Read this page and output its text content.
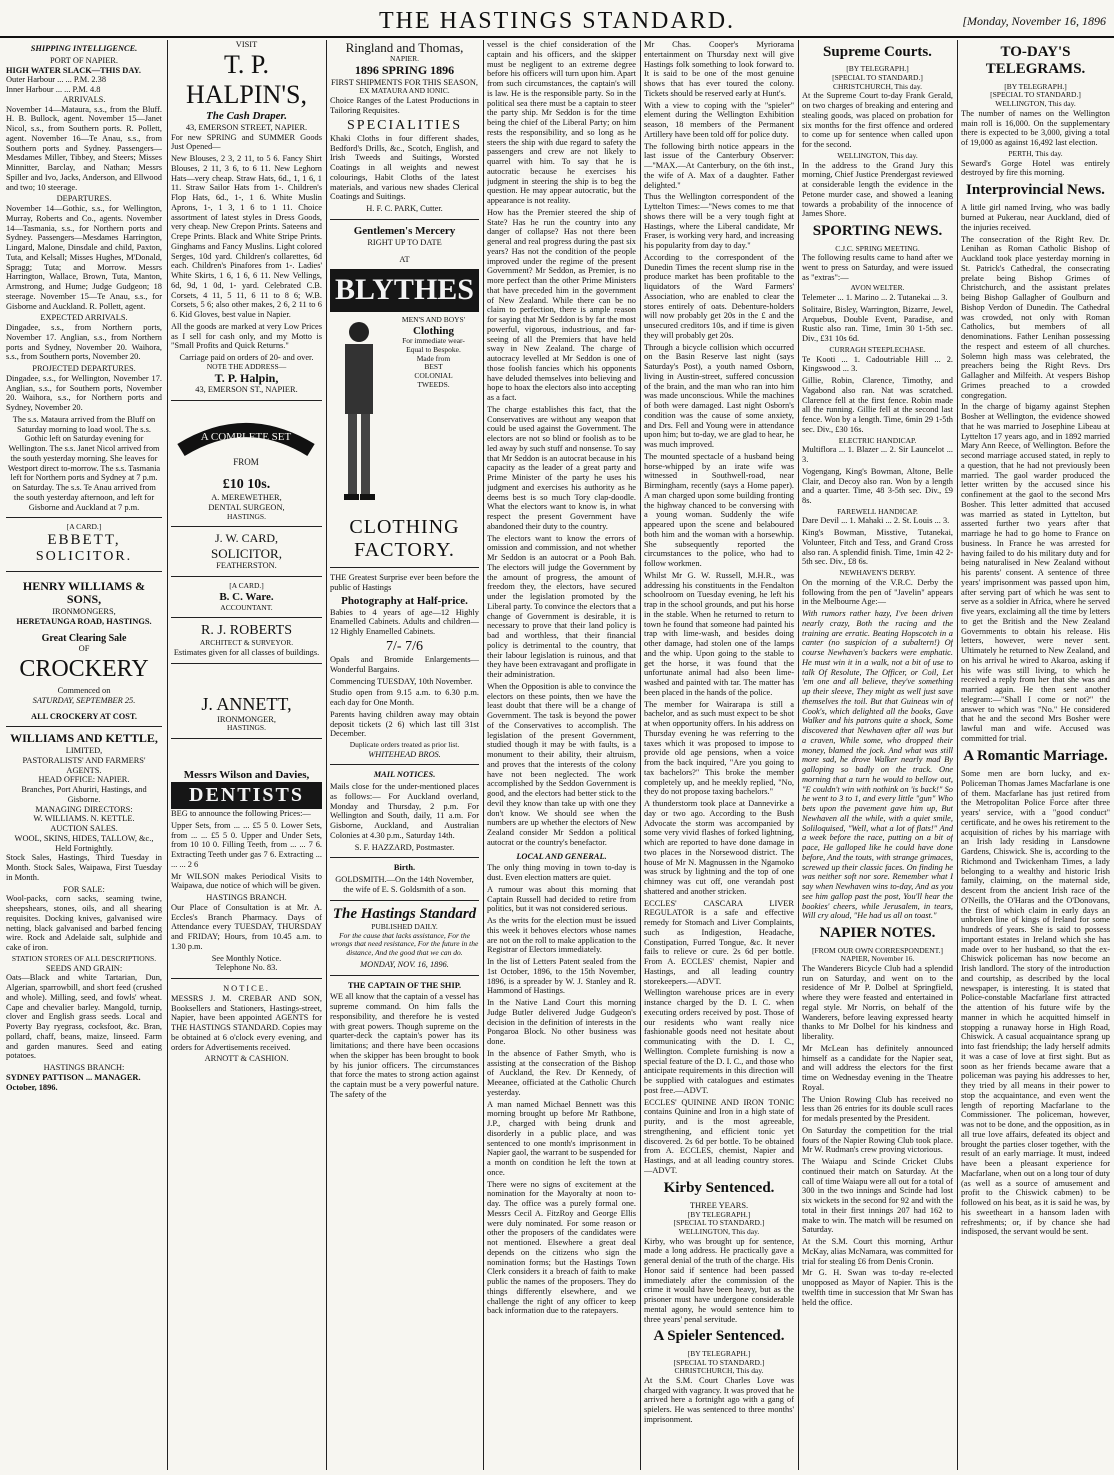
THE HASTINGS STANDARD.	[Monday, November 16, 1896
SHIPPING INTELLIGENCE.
PORT OF NAPIER.
HIGH WATER SLACK—THIS DAY.
Outer Harbour ... ... P.M. 2.38
Inner Harbour ... ... P.M. 4.8
ARRIVALS.

November 14—Mataura, s.s., from the Bluff. H. B. Bullock, agent. November 15—Janet Nicol, s.s., from Southern ports. R. Pollett, agent. November 16—Te Anau, s.s., from Southern ports and Sydney. Passengers—Mesdames Miller, Tibbey, and Steers; Misses Minnitter, Barclay, and Nathan; Messrs Spiller and Ivo, Jacks, Anderson, and Ellwood and two; 10 steerage.

DEPARTURES.

November 14—Gothic, s.s., for Wellington, Murray, Roberts and Co., agents. November 14—Tasmania, s.s., for Northern ports and Sydney. Passengers—Mesdames Harrington, Lingard, Malone, Dinsdale and child, Paxton, Tuta, and Kelsall; Misses Hughes, M'Donald, Spragg; Tuta; and Morrow. Messrs Harrington, Wallace, Brown, Tuta, Manton, Armstrong, and Hume; Judge Gudgeon; 18 steerage. November 15—Te Anau, s.s., for Gisborne and Auckland. R. Pollett, agent.

EXPECTED ARRIVALS.

Dingadee, s.s., from Northern ports, November 17. Anglian, s.s., from Northern ports and Sydney, November 20. Waihora, s.s., from Southern ports, November 20.

PROJECTED DEPARTURES.

Dingadee, s.s., for Wellington, November 17. Anglian, s.s., for Southern ports, November 20. Waihora, s.s., for Northern ports and Sydney, November 20.

The s.s. Mataura arrived from the Bluff on Saturday morning to load wool. The s.s. Gothic left on Saturday evening for Wellington. The s.s. Janet Nicol arrived from the south yesterday morning. She leaves for Westport direct to-morrow. The s.s. Tasmania left for Northern ports and Sydney at 7 p.m. on Saturday. The s.s. Te Anau arrived from the south yesterday afternoon, and left for Gisborne and Auckland at 7 p.m.

[A CARD.]
EBBETT,
SOLICITOR.
HENRY WILLIAMS & SONS,
IRONMONGERS,
HERETAUNGA ROAD, HASTINGS.
Great Clearing Sale
OF
CROCKERY
Commenced on
SATURDAY, SEPTEMBER 25.
ALL CROCKERY AT COST.
WILLIAMS AND KETTLE,
LIMITED,
PASTORALISTS' AND FARMERS' AGENTS.
HEAD OFFICE: NAPIER.
Branches, Port Ahuriri, Hastings, and Gisborne.
MANAGING DIRECTORS:
W. WILLIAMS. N. KETTLE.
AUCTION SALES.
WOOL, SKINS, HIDES, TALLOW, &c., Held Fortnightly.

Stock Sales, Hastings, Third Tuesday in Month. Stock Sales, Waipawa, First Tuesday in Month.

FOR SALE:

Wool-packs, corn sacks, seaming twine, sheepshears, stones, oils, and all shearing requisites. Docking knives, galvanised wire netting, black galvanised and barbed fencing wire. Rock and Adelaide salt, sulphide and cake of iron.

STATION STORES OF ALL DESCRIPTIONS.
SEEDS AND GRAIN:

Oats—Black and white Tartarian, Dun, Algerian, sparrowbill, and short feed (crushed and whole). Milling, seed, and fowls' wheat. Cape and chevalier barley. Mangold, turnip, clover and English grass seeds. Local and Poverty Bay ryegrass, cocksfoot, &c. Bran, pollard, chaff, beans, maize, linseed. Farm and garden manures. Seed and eating potatoes.

HASTINGS BRANCH:
SYDNEY PATTISON ... MANAGER.
October, 1896.
VISIT
T. P. HALPIN'S,
The Cash Draper.
43, EMERSON STREET, NAPIER.

For new SPRING and SUMMER Goods Just Opened—

New Blouses, 2 3, 2 11, to 5 6. Fancy Shirt Blouses, 2 11, 3 6, to 6 11. New Leghorn Hats—very cheap. Straw Hats, 6d., 1, 1 6, 1 11. Straw Sailor Hats from 1-. Children's Flop Hats, 6d., 1-, 1 6. White Muslin Aprons, 1-, 1 3, 1 6 to 1 11. Choice assortment of latest styles in Dress Goods, very cheap. New Crepon Prints. Sateens and Crepe Prints. Black and White Stripe Prints. Ginghams and Fancy Muslins. Light colored Serges, 10d yard. Children's collarettes, 6d each. Children's Pinafores from 1-. Ladies' White Skirts, 1 6, 1 6, 6 11. New Vellings, 6d, 9d, 1 0d, 1- yard. Celebrated C.B. Corsets, 4 11, 5 11, 6 11 to 8 6; W.B. Corsets, 5 6; also other makes, 2 6, 2 11 to 6 6. Kid Gloves, best value in Napier.

All the goods are marked at very Low Prices as I sell for cash only, and my Motto is "Small Profits and Quick Returns."

Carriage paid on orders of 20- and over.
NOTE THE ADDRESS—
T. P. Halpin,
43, EMERSON ST., NAPIER.
A COMPLETE SET
FROM
£10 10s.
A. MEREWETHER,
DENTAL SURGEON,
HASTINGS.
J. W. CARD,
SOLICITOR,
FEATHERSTON.
[A CARD.]
B. C. Ware.
ACCOUNTANT.
R. J. ROBERTS
ARCHITECT & SURVEYOR.
Estimates given for all classes of buildings.
J. ANNETT,
IRONMONGER,
HASTINGS.
Messrs Wilson and Davies,
DENTISTS

BEG to announce the following Prices:—

Upper Sets, from ... ... £5 5 0. Lower Sets, from ... ... £5 5 0. Upper and Under Sets, from 10 10 0. Filling Teeth, from ... ... 7 6. Extracting Teeth under gas 7 6. Extracting ... ... ... 2 6

Mr WILSON makes Periodical Visits to Waipawa, due notice of which will be given.

HASTINGS BRANCH.

Our Place of Consultation is at Mr. A. Eccles's Branch Pharmacy. Days of Attendance every TUESDAY, THURSDAY and FRIDAY; Hours, from 10.45 a.m. to 1.30 p.m.

See Monthly Notice.
Telephone No. 83.
NOTICE.

MESSRS J. M. CREBAR AND SON, Booksellers and Stationers, Hastings-street, Napier, have been appointed AGENTS for THE HASTINGS STANDARD. Copies may be obtained at 6 o'clock every evening, and orders for Advertisements received.

ARNOTT & CASHION.
Ringland and Thomas,
NAPIER.
1896 SPRING 1896
FIRST SHIPMENTS FOR THIS SEASON,
EX MATAURA AND IONIC.

Choice Ranges of the Latest Productions in Tailoring Requisites.

SPECIALITIES

Khaki Cloths in four different shades, Bedford's Drills, &c., Scotch, English, and Irish Tweeds and Suitings, Worsted Coatings in all weights and newest colourings, Habit Cloths of the latest materials, and various new shades Clerical Coatings and Suitings.

H. F. C. PARK, Cutter.
Gentlemen's Mercery
RIGHT UP TO DATE
AT
BLYTHES
MEN'S AND BOYS'
Clothing
For immediate wear-
Equal to Bespoke.
Made from
BEST
COLONIAL
TWEEDS.
CLOTHING
FACTORY.

THE Greatest Surprise ever been before the public of Hastings

Photography at Half-price.

Babies to 4 years of age—12 Highly Enamelled Cabinets. Adults and children—12 Highly Enamelled Cabinets.

7/- 7/6

Opals and Bromide Enlargements—Wonderful Bargains.

Commencing TUESDAY, 10th November.

Studio open from 9.15 a.m. to 6.30 p.m. each day for One Month.

Parents having children away may obtain deposit tickets (2 6) which last till 31st December.

Duplicate orders treated as prior list.
WHITEHEAD BROS.
MAIL NOTICES.

Mails close for the under-mentioned places as follows:— For Auckland overland, Monday and Thursday, 2 p.m. For Wellington and South, daily, 11 a.m. For Gisborne, Auckland, and Australian Colonies at 4.30 p.m., Saturday 14th.

S. F. HAZZARD, Postmaster.
Birth.

GOLDSMITH.—On the 14th November, the wife of E. S. Goldsmith of a son.

The Hastings Standard
PUBLISHED DAILY.

For the cause that lacks assistance, For the wrongs that need resistance, For the future in the distance, And the good that we can do.

MONDAY, NOV. 16, 1896.
THE CAPTAIN OF THE SHIP.

WE all know that the captain of a vessel has supreme command. On him falls the responsibility, and therefore he is vested with great powers. Though supreme on the quarter-deck the captain's power has its limitations; and there have been occasions when the skipper has been brought to book by his junior officers. The circumstances that force the mates to strong action against the captain must be a very powerful nature. The safety of the

vessel is the chief consideration of the captain and his officers, and the skipper must be negligent to an extreme degree before his officers will turn upon him. Apart from such circumstances, the captain's will is law. He is the responsible party. So in the political sea there must be a captain to steer the party ship. Mr Seddon is for the time being the chief of the Liberal Party; on him rests the responsibility, and so long as he steers the ship with due regard to safety the passengers and crew are not likely to quarrel with him. To say that he is autocratic because he exercises his judgment in steering the ship is to beg the question. He may appear autocratic, but the appearance is not reality.

How has the Premier steered the ship of State? Has he run the country into any danger of collapse? Has not there been general and real progress during the past six years? Has not the condition of the people improved under the regime of the present Government? Mr Seddon, as Premier, is no more perfect than the other Prime Ministers that have preceded him in the government of New Zealand. While there can be no claim to perfection, there is ample reason for saying that Mr Seddon is by far the most powerful, vigorous, industrious, and far-seeing of all the Premiers that have held sway in New Zealand. The charge of autocracy levelled at Mr Seddon is one of those foolish fancies which his opponents have deluded themselves into believing and hope to hoax the electors also into accepting as a fact.

The charge establishes this fact, that the Conservatives are without any weapon that could be used against the Government. The electors are not so blind or foolish as to be led away by such stuff and nonsense. To say that Mr Seddon is an autocrat because in his capacity as the leader of a great party and Prime Minister of the party he uses his judgment and exercises his authority as he deems best is so much Tory clap-doodle. What the electors want to know is, in what respect the present Government have abandoned their duty to the country.

The electors want to know the errors of omission and commission, and not whether Mr Seddon is an autocrat or a Pooh Bah. The electors will judge the Government by the amount of progress, the amount of freedom they, the electors, have secured under the legislation promoted by the Liberal party. To convince the electors that a change of Government is desirable, it is necessary to prove that their land policy is bad and worthless, that their financial policy is detrimental to the country, that their labour legislation is ruinous, and that they have been extravagant and profligate in their administration.

When the Opposition is able to convince the electors on these points, then we have the least doubt that there will be a change of Government. The task is beyond the power of the Conservatives to accomplish. The legislation of the present Government, studied though it may be with faults, is a monument to their ability, their altruism, and proves that the interests of the colony have not been neglected. The work accomplished by the Seddon Government is good, and the electors had better stick to the devil they know than take up with one they don't know. We should see when the numbers are up whether the electors of New Zealand consider Mr Seddon a political autocrat or the country's benefactor.

LOCAL AND GENERAL.

The only thing moving in town to-day is dust. Even election matters are quiet.

A rumour was about this morning that Captain Russell had decided to retire from politics, but it was not considered serious.

As the writs for the election must be issued this week it behoves electors whose names are not on the roll to make application to the Registrar of Electors immediately.

In the list of Letters Patent sealed from the 1st October, 1896, to the 15th November, 1896, is a spreader by W. J. Stanley and R. Hammond of Hastings.

In the Native Land Court this morning Judge Butler delivered Judge Gudgeon's decision in the definition of interests in the Pongaroa Block. No other business was done.

In the absence of Father Smyth, who is assisting at the consecration of the Bishop of Auckland, the Rev. Dr Kennedy, of Meeanee, officiated at the Catholic Church yesterday.

A man named Michael Bennett was this morning brought up before Mr Rathbone, J.P., charged with being drunk and disorderly in a public place, and was sentenced to one month's imprisonment in Napier gaol, the warrant to be suspended for a month on condition he left the town at once.

There were no signs of excitement at the nomination for the Mayoralty at noon to-day. The office was a purely formal one. Messrs Cecil A. FitzRoy and George Ellis were duly nominated. For some reason or other the proposers of the candidates were not mentioned. Elsewhere a great deal depends on the citizens who sign the nomination forms; but the Hastings Town Clerk considers it a breach of faith to make public the names of the proposers. They do things differently elsewhere, and we challenge the right of any officer to keep back information due to the ratepayers.

Mr Chas. Cooper's Myriorama entertainment on Thursday next will give Hastings folk something to look forward to. It is said to be one of the most genuine shows that has ever toured the colony. Tickets should be reserved early at Hunt's.

With a view to coping with the "spieler" element during the Wellington Exhibition season, 18 members of the Permanent Artillery have been told off for police duty.

The following birth notice appears in the last issue of the Canterbury Observer:—"MAX.—At Canterbury, on the 6th inst., the wife of A. Max of a daughter. Father delighted."

Thus the Wellington correspondent of the Lyttelton Times:—"News comes to me that shows there will be a very tough fight at Hastings, where the Liberal candidate, Mr Fraser, is working very hard, and increasing his popularity from day to day."

According to the correspondent of the Dunedin Times the recent slump rise in the produce market has been profitable to the liquidators of the Ward Farmers' Association, who are enabled to clear the stores entirely of oats. Debenture-holders will now probably get 20s in the £ and the unsecured creditors 10s, and if time is given they will probably get 20s.

Through a bicycle collision which occurred on the Basin Reserve last night (says Saturday's Post), a youth named Osborn, living in Austin-street, suffered concussion of the brain, and the man who ran into him was made unconscious. While the machines of both were damaged. Last night Osborn's condition was the cause of some anxiety, and Drs. Fell and Young were in attendance upon him; but to-day, we are glad to hear, he was much improved.

The mounted spectacle of a husband being horse-whipped by an irate wife was witnessed in Southwell-road, near Birmingham, recently (says a Home paper). A man charged upon some building fronting the highway chanced to be conversing with a young woman. Suddenly the wife appeared upon the scene and belaboured both him and the woman with a horsewhip. She subsequently reported the circumstances to the police, who had to follow workmen.

Whilst Mr G. W. Russell, M.H.R., was addressing his constituents in the Fendalton schoolroom on Tuesday evening, he left his trap in the school grounds, and put his horse in the stable. When he returned to return to town he found that someone had painted his trap with lime-wash, and besides doing other damage, had stolen one of the lamps and the whip. Upon going to the stable to get the horse, it was found that the unfortunate animal had also been lime-washed and painted with tar. The matter has been placed in the hands of the police.

The member for Wairarapa is still a bachelor, and as such must expect to be shot at when opportunity offers. In his address on Thursday evening he was referring to the taxes which it was proposed to impose to provide old age pensions, when a voice from the back inquired, "Are you going to tax bachelors?" This broke the member completely up, and he meekly replied, "No, they do not propose taxing bachelors."

A thunderstorm took place at Dannevirke a day or two ago. According to the Bush Advocate the storm was accompanied by some very vivid flashes of forked lightning, which are reported to have done damage in two places in the Norsewood district. The house of Mr N. Magnussen in the Ngamoko was struck by lightning and the top of one chimney was cut off, one verandah post shattered and another stricken.

ECCLES' CASCARA LIVER REGULATOR is a safe and effective remedy for Stomach and Liver Complaints, such as Indigestion, Headache, Constipation, Furred Tongue, &c. It never fails to relieve or cure. 2s 6d per bottle. From A. ECCLES' chemist, Napier and Hastings, and all leading country storekeepers.—ADVT.

Wellington warehouse prices are in every instance charged by the D. I. C. when executing orders received by post. Those of our residents who want really nice fashionable goods need not hesitate about communicating with the D. I. C., Wellington. Complete furnishing is now a special feature of the D. I. C., and those who anticipate requirements in this direction will be supplied with catalogues and estimates post free.—ADVT.

ECCLES' QUININE AND IRON TONIC contains Quinine and Iron in a high state of purity, and is the most agreeable, strengthening, and efficient tonic yet discovered. 2s 6d per bottle. To be obtained from A. ECCLES, chemist, Napier and Hastings, and at all leading country stores.—ADVT.

Kirby Sentenced.
THREE YEARS.
[BY TELEGRAPH.]
[SPECIAL TO STANDARD.]
WELLINGTON, This day.

Kirby, who was brought up for sentence, made a long address. He practically gave a general denial of the truth of the charge. His Honor said if sentence had been passed immediately after the commission of the crime it would have been heavy, but as the prisoner must have undergone considerable mental agony, he would sentence him to three years' penal servitude.

A Spieler Sentenced.
[BY TELEGRAPH.]
[SPECIAL TO STANDARD.]
CHRISTCHURCH, This day.

At the S.M. Court Charles Love was charged with vagrancy. It was proved that he arrived here a fortnight ago with a gang of spielers. He was sentenced to three months' imprisonment.

Supreme Courts.
[BY TELEGRAPH.]
[SPECIAL TO STANDARD.]
CHRISTCHURCH, This day.

At the Supreme Court to-day Frank Gerald, on two charges of breaking and entering and stealing goods, was placed on probation for six months for the first offence and ordered to come up for sentence when called upon for the second.

WELLINGTON, This day.

In the address to the Grand Jury this morning, Chief Justice Prendergast reviewed at considerable length the evidence in the Petone murder case, and showed a leaning towards a probability of the innocence of James Shore.

SPORTING NEWS.
C.J.C. SPRING MEETING.

The following results came to hand after we went to press on Saturday, and were issued as "extras":—

AVON WELTER.

Telemeter ... 1. Marino ... 2. Tutanekai ... 3.

Solitaire, Bisley, Warrington, Bizarre, Jewel, Arquebus, Double Event, Paradise, and Rustic also ran. Time, 1min 30 1-5th sec. Div., £31 10s 6d.

CURRAGH STEEPLECHASE.

Te Kooti ... 1. Cadoutriable Hill ... 2. Kingswood ... 3.

Gillie, Robin, Clarence, Timothy, and Vagabond also ran. Nat was scratched. Clarence fell at the first fence. Robin made all the running. Gillie fell at the second last fence. Won by a length. Time, 6min 29 1-5th sec. Div., £30 16s.

ELECTRIC HANDICAP.

Multiflora ... 1. Blazer ... 2. Sir Launcelot ... 3.

Vogengang, King's Bowman, Altone, Belle Clair, and Decoy also ran. Won by a length and a quarter. Time, 48 3-5th sec. Div., £9 8s.

FAREWELL HANDICAP.

Dare Devil ... 1. Mahaki ... 2. St. Louis ... 3.

King's Bowman, Misstive, Tutanekai, Volunteer, Fitch and Tess, and Grand Cross also ran. A splendid finish. Time, 1min 42 2-5th sec. Div., £8 6s.

NEWHAVEN'S DERBY.

On the morning of the V.R.C. Derby the following from the pen of "Javelin" appears in the Melbourne Age:—

With rumors rather hazy, I've been driven nearly crazy, Both the racing and the training are erratic. Beating Hopscotch in a canter (no suspicion of a subaltern!) Of course Newhaven's backers were emphatic. He must win it in a walk, not a bit of use to talk Of Resolute, The Officer, or Coil, Let 'em one and all believe, they've something up their sleeve, They might as well just save themselves the toil. But that Guineas win of Cook's, which delighted all the books, Gave Walker and his patrons quite a shock, Some discovered that Newhaven after all was but a craven, While some, who dropped their money, blamed the jock. And what was still more sad, he drove Walker nearly mad By galloping so badly on the track. One morning that a turn he would to bellow out, "E couldn't win with nothink on 'is back!" So he went to 3 to 1, and every little "gun" Who bets upon the pavement gave him up, But Newhaven all the while, with a quiet smile, Soliloquised, "Well, what a lot of flats!" And a week before the race, putting on a bit of pace, He galloped like he could have done before, And the touts, with strange grimaces, screwed up their classic faces. On finding he was neither soft nor sore. Remember what I say when Newhaven wins to-day, And as you see him gallop past the post, You'll hear the bookies' cheers, while Jerusalem, in tears, Will cry aloud, "He had us all on toast."

NAPIER NOTES.
[FROM OUR OWN CORRESPONDENT.]
NAPIER, November 16.

The Wanderers Bicycle Club had a splendid run on Saturday, and went on to the residence of Mr P. Dolbel at Springfield, where they were feasted and entertained in regal style. Mr Norris, on behalf of the Wanderers, before leaving expressed hearty thanks to Mr Dolbel for his kindness and liberality.

Mr McLean has definitely announced himself as a candidate for the Napier seat, and will address the electors for the first time on Wednesday evening in the Theatre Royal.

The Union Rowing Club has received no less than 26 entries for its double scull races for medals presented by the President.

On Saturday the competition for the trial fours of the Napier Rowing Club took place. Mr W. Rudman's crew proving victorious.

The Waiapu and Scinde Cricket Clubs continued their match on Saturday. At the call of time Waiapu were all out for a total of 300 in the two innings and Scinde had lost six wickets in the second for 92 and with the total in their first innings 207 had 162 to make to win. The match will be resumed on Saturday.

At the S.M. Court this morning, Arthur McKay, alias McNamara, was committed for trial for stealing £6 from Denis Cronin.

Mr G. H. Swan was to-day re-elected unopposed as Mayor of Napier. This is the twelfth time in succession that Mr Swan has held the office.

TO-DAY'S TELEGRAMS.
[BY TELEGRAPH.]
[SPECIAL TO STANDARD.]
WELLINGTON, This day.

The number of names on the Wellington main roll is 16,000. On the supplementary there is expected to be 3,000, giving a total of 19,000 as against 16,492 last election.

PERTH, This day.

Seward's Gorge Hotel was entirely destroyed by fire this morning.

Interprovincial News.

A little girl named Irving, who was badly burned at Pukerau, near Auckland, died of the injuries received.

The consecration of the Right Rev. Dr. Lenihan as Roman Catholic Bishop of Auckland took place yesterday morning in St. Patrick's Cathedral, the consecrating prelate being Bishop Grimes of Christchurch, and the assistant prelates being Bishop Gallagher of Goulburn and Bishop Verdon of Dunedin. The Cathedral was crowded, not only with Roman Catholics, but members of all denominations. Father Lenihan possessing the respect and esteem of all churches. Solemn high mass was celebrated, the preachers being the Right Revs. Drs Gallagher and Milfeith. At vespers Bishop Grimes preached to a crowded congregation.

In the charge of bigamy against Stephen Bosher at Wellington, the evidence showed that he was married to Josephine Libeau at Lyttelton 17 years ago, and in 1892 married Mary Ann Reece, of Wellington. Before the second marriage accused stated, in reply to a question, that he had not previously been married. The gaol warder produced the letter written by the accused since his confinement at the gaol to the second Mrs Bosher. This letter admitted that accused was married as stated in Lyttelton, but asserted further two years after that marriage he had to go home to France on business. In France he was arrested for having failed to do his military duty and for being naturalised in New Zealand without his parents' consent. A sentence of three years' imprisonment was passed upon him, after serving part of which he was sent to serve as a soldier in Africa, where he served five years, exclaiming all the time by letters to get the British and the New Zealand Governments to obtain his release. His letters, however, were never sent. Ultimately he returned to New Zealand, and on his arrival he wired to Akaroa, asking if his wife was still living, to which he received a reply from her that she was and married again. He then sent another telegram:—"Shall I come or not?" the answer to which was "No." He considered that he and the second Mrs Bosher were lawful man and wife. Accused was committed for trial.

A Romantic Marriage.

Some men are born lucky, and ex-Policeman Thomas James Macfarlane is one of them. Macfarlane has just retired from the Metropolitan Police Force after three years' service, with a "good conduct" certificate, and he owes his retirement to the acquisition of riches by his marriage with an Irish lady residing in Lansdowne Gardens, Chiswick. She is, according to the Richmond and Twickenham Times, a lady belonging to a wealthy and historic Irish family, claiming, on the maternal side, descent from the ancient Irish race of the O'Neills, the O'Haras and the O'Donovans, the first of which claim in early days an unbroken line of kings of Ireland for some hundreds of years. She is said to possess important estates in Ireland which she has made over to her husband, so that the ex-Chiswick policeman has now become an Irish landlord. The story of the introduction and courtship, as described by the local newspaper, is interesting. It is stated that Police-constable Macfarlane first attracted the attention of his future wife by the manner in which he acquitted himself in stopping a runaway horse in High Road, Chiswick. A casual acquaintance sprang up into fast friendship; the lady herself admits it was a case of love at first sight. But as soon as her friends became aware that a policeman was paying his addresses to her, they tried by all means in their power to stop the acquaintance, and even went the length of reporting Macfarlane to the Commissioner. The policeman, however, was not to be done, and the opposition, as in all true love affairs, defeated its object and brought the parties closer together, with the result of an early marriage. It must, indeed have been a pleasant experience for Macfarlane, when out on a long tour of duty (as well as a source of amusement and profit to the Chiswick cabmen) to be followed on his beat, as it is said he was, by his sweetheart in a hansom laden with refreshments; or, if by chance she had indisposed, the servant would be sent.
